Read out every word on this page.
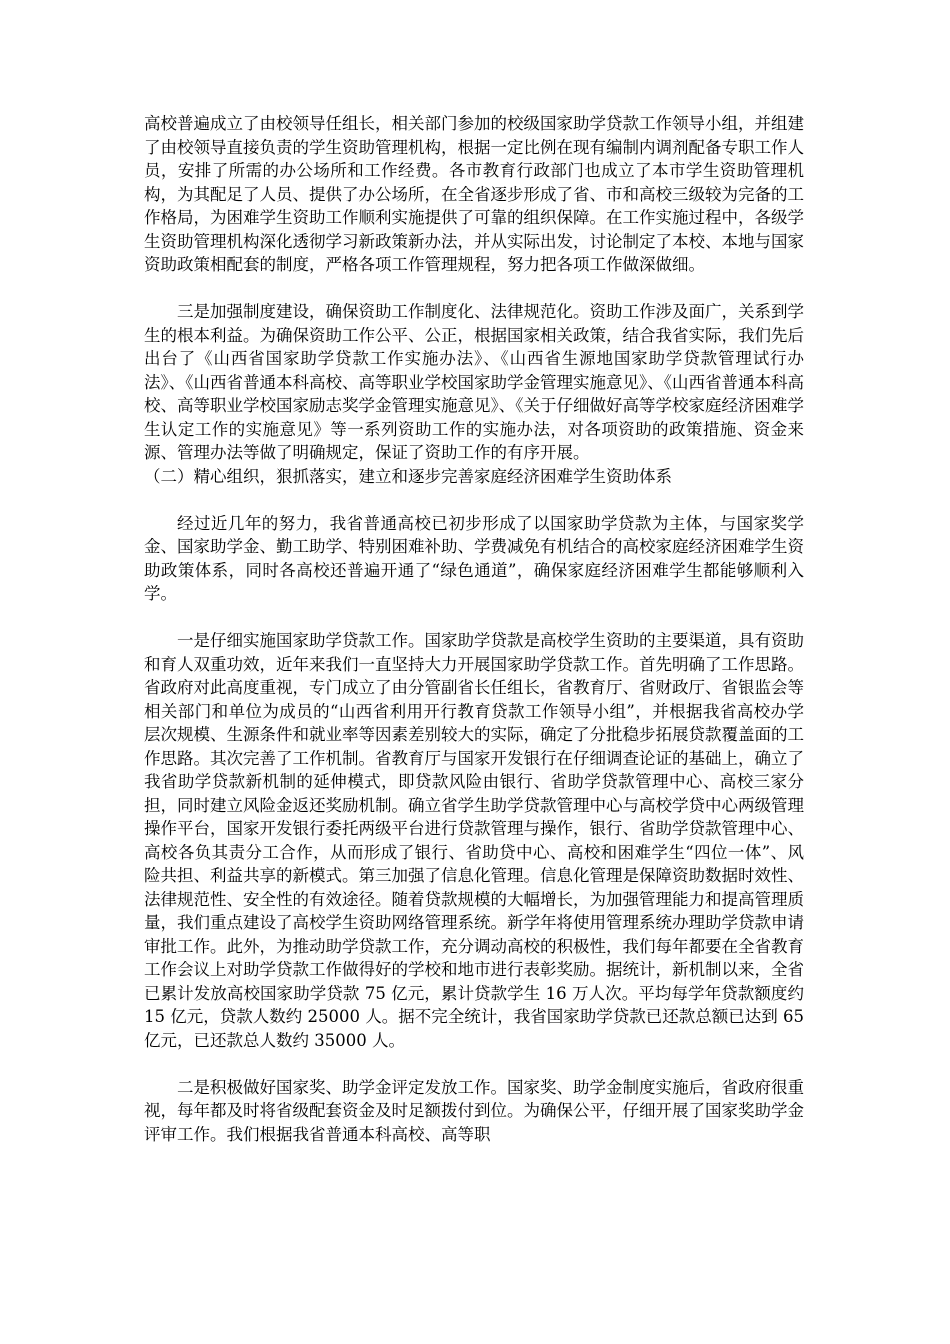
高校普遍成立了由校领导任组长，相关部门参加的校级国家助学贷款工作领导小组，并组建了由校领导直接负责的学生资助管理机构，根据一定比例在现有编制内调剂配备专职工作人员，安排了所需的办公场所和工作经费。各市教育行政部门也成立了本市学生资助管理机构，为其配足了人员、提供了办公场所，在全省逐步形成了省、市和高校三级较为完备的工作格局，为困难学生资助工作顺利实施提供了可靠的组织保障。在工作实施过程中，各级学生资助管理机构深化透彻学习新政策新办法，并从实际出发，讨论制定了本校、本地与国家资助政策相配套的制度，严格各项工作管理规程，努力把各项工作做深做细。

三是加强制度建设，确保资助工作制度化、法律规范化。资助工作涉及面广，关系到学生的根本利益。为确保资助工作公平、公正，根据国家相关政策，结合我省实际，我们先后出台了《山西省国家助学贷款工作实施办法》、《山西省生源地国家助学贷款管理试行办法》、《山西省普通本科高校、高等职业学校国家助学金管理实施意见》、《山西省普通本科高校、高等职业学校国家励志奖学金管理实施意见》、《关于仔细做好高等学校家庭经济困难学生认定工作的实施意见》等一系列资助工作的实施办法，对各项资助的政策措施、资金来源、管理办法等做了明确规定，保证了资助工作的有序开展。

（二）精心组织，狠抓落实，建立和逐步完善家庭经济困难学生资助体系

经过近几年的努力，我省普通高校已初步形成了以国家助学贷款为主体，与国家奖学金、国家助学金、勤工助学、特别困难补助、学费减免有机结合的高校家庭经济困难学生资助政策体系，同时各高校还普遍开通了“绿色通道”，确保家庭经济困难学生都能够顺利入学。

一是仔细实施国家助学贷款工作。国家助学贷款是高校学生资助的主要渠道，具有资助和育人双重功效，近年来我们一直坚持大力开展国家助学贷款工作。首先明确了工作思路。省政府对此高度重视，专门成立了由分管副省长任组长，省教育厅、省财政厅、省银监会等相关部门和单位为成员的“山西省利用开行教育贷款工作领导小组”，并根据我省高校办学层次规模、生源条件和就业率等因素差别较大的实际，确定了分批稳步拓展贷款覆盖面的工作思路。其次完善了工作机制。省教育厅与国家开发银行在仔细调查论证的基础上，确立了我省助学贷款新机制的延伸模式，即贷款风险由银行、省助学贷款管理中心、高校三家分担，同时建立风险金返还奖励机制。确立省学生助学贷款管理中心与高校学贷中心两级管理操作平台，国家开发银行委托两级平台进行贷款管理与操作，银行、省助学贷款管理中心、高校各负其责分工合作，从而形成了银行、省助贷中心、高校和困难学生“四位一体”、风险共担、利益共享的新模式。第三加强了信息化管理。信息化管理是保障资助数据时效性、法律规范性、安全性的有效途径。随着贷款规模的大幅增长，为加强管理能力和提高管理质量，我们重点建设了高校学生资助网络管理系统。新学年将使用管理系统办理助学贷款申请审批工作。此外，为推动助学贷款工作，充分调动高校的积极性，我们每年都要在全省教育工作会议上对助学贷款工作做得好的学校和地市进行表彰奖励。据统计，新机制以来，全省已累计发放高校国家助学贷款 75 亿元，累计贷款学生 16 万人次。平均每学年贷款额度约 15 亿元，贷款人数约 25000 人。据不完全统计，我省国家助学贷款已还款总额已达到 65 亿元，已还款总人数约 35000 人。

二是积极做好国家奖、助学金评定发放工作。国家奖、助学金制度实施后，省政府很重视，每年都及时将省级配套资金及时足额拨付到位。为确保公平，仔细开展了国家奖助学金评审工作。我们根据我省普通本科高校、高等职
